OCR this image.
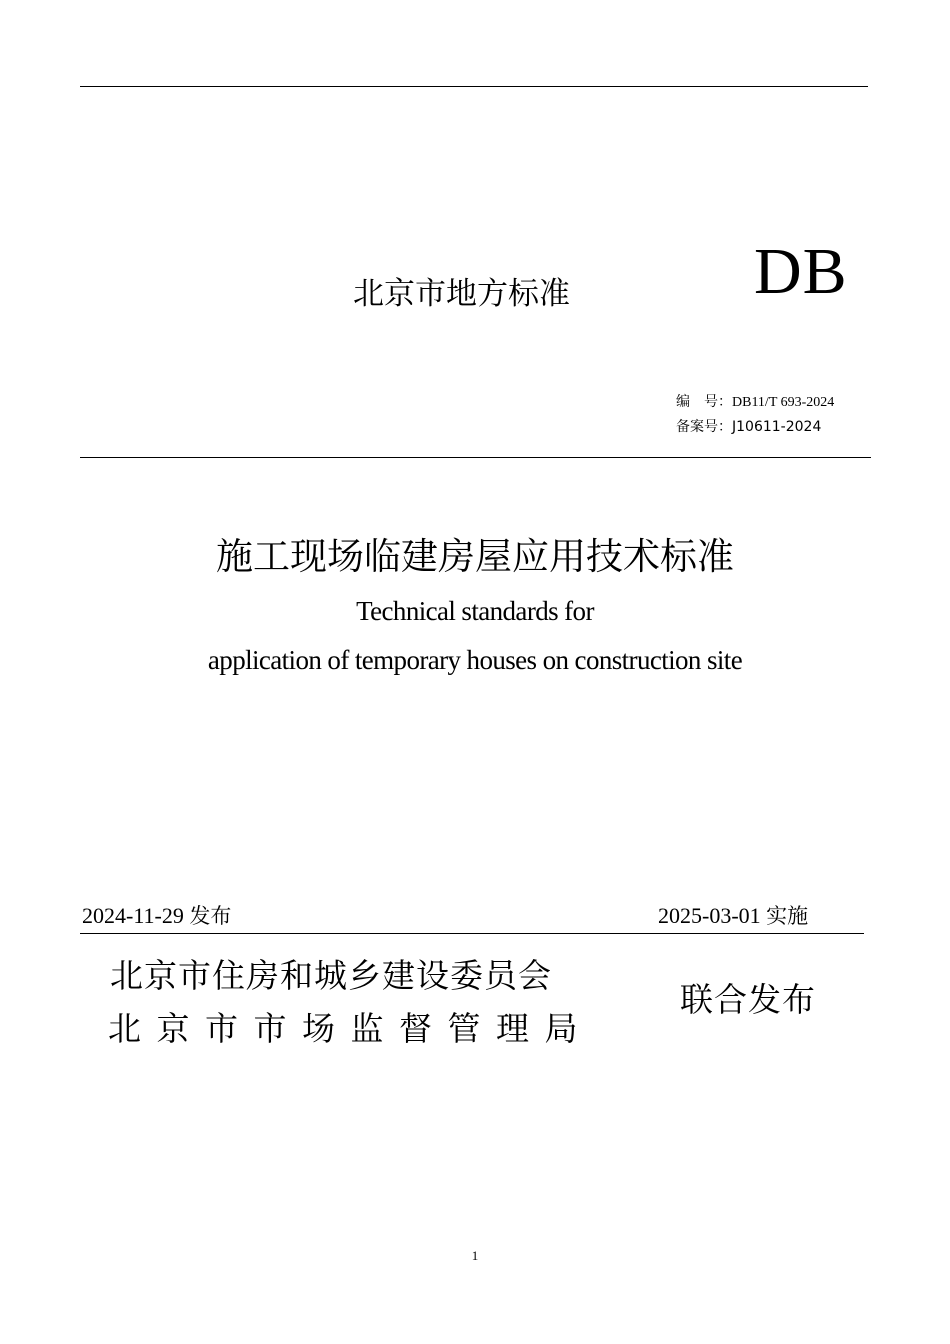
北京市地方标准	DB
编　号：DB11/T 693-2024
备案号：J10611-2024
施工现场临建房屋应用技术标准
Technical standards for
application of temporary houses on construction site
2024-11-29 发布	2025-03-01 实施
北京市住房和城乡建设委员会
北京市市场监督管理局
联合发布
1
